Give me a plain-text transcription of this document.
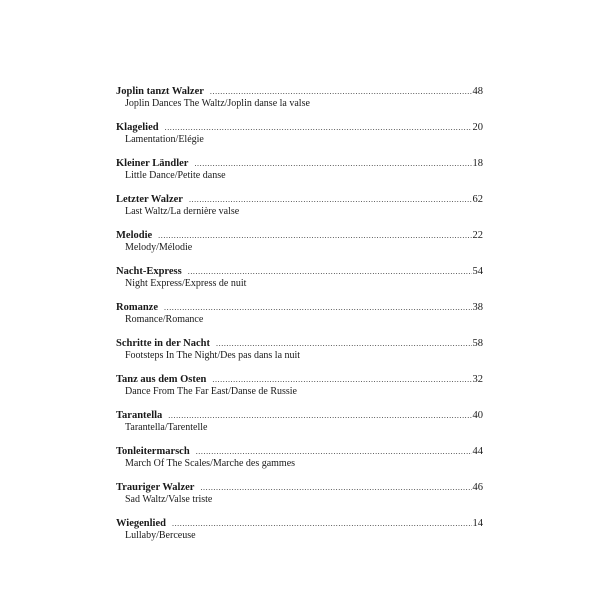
Joplin tanzt Walzer .....	48
Joplin Dances The Waltz/Joplin danse la valse
Klagelied .....	20
Lamentation/Elégie
Kleiner Ländler .....	18
Little Dance/Petite danse
Letzter Walzer .....	62
Last Waltz/La dernière valse
Melodie .....	22
Melody/Mélodie
Nacht-Express .....	54
Night Express/Express de nuit
Romanze .....	38
Romance/Romance
Schritte in der Nacht .....	58
Footsteps In The Night/Des pas dans la nuit
Tanz aus dem Osten .....	32
Dance From The Far East/Danse de Russie
Tarantella .....	40
Tarantella/Tarentelle
Tonleitermarsch .....	44
March Of The Scales/Marche des gammes
Trauriger Walzer .....	46
Sad Waltz/Valse triste
Wiegenlied .....	14
Lullaby/Berceuse
